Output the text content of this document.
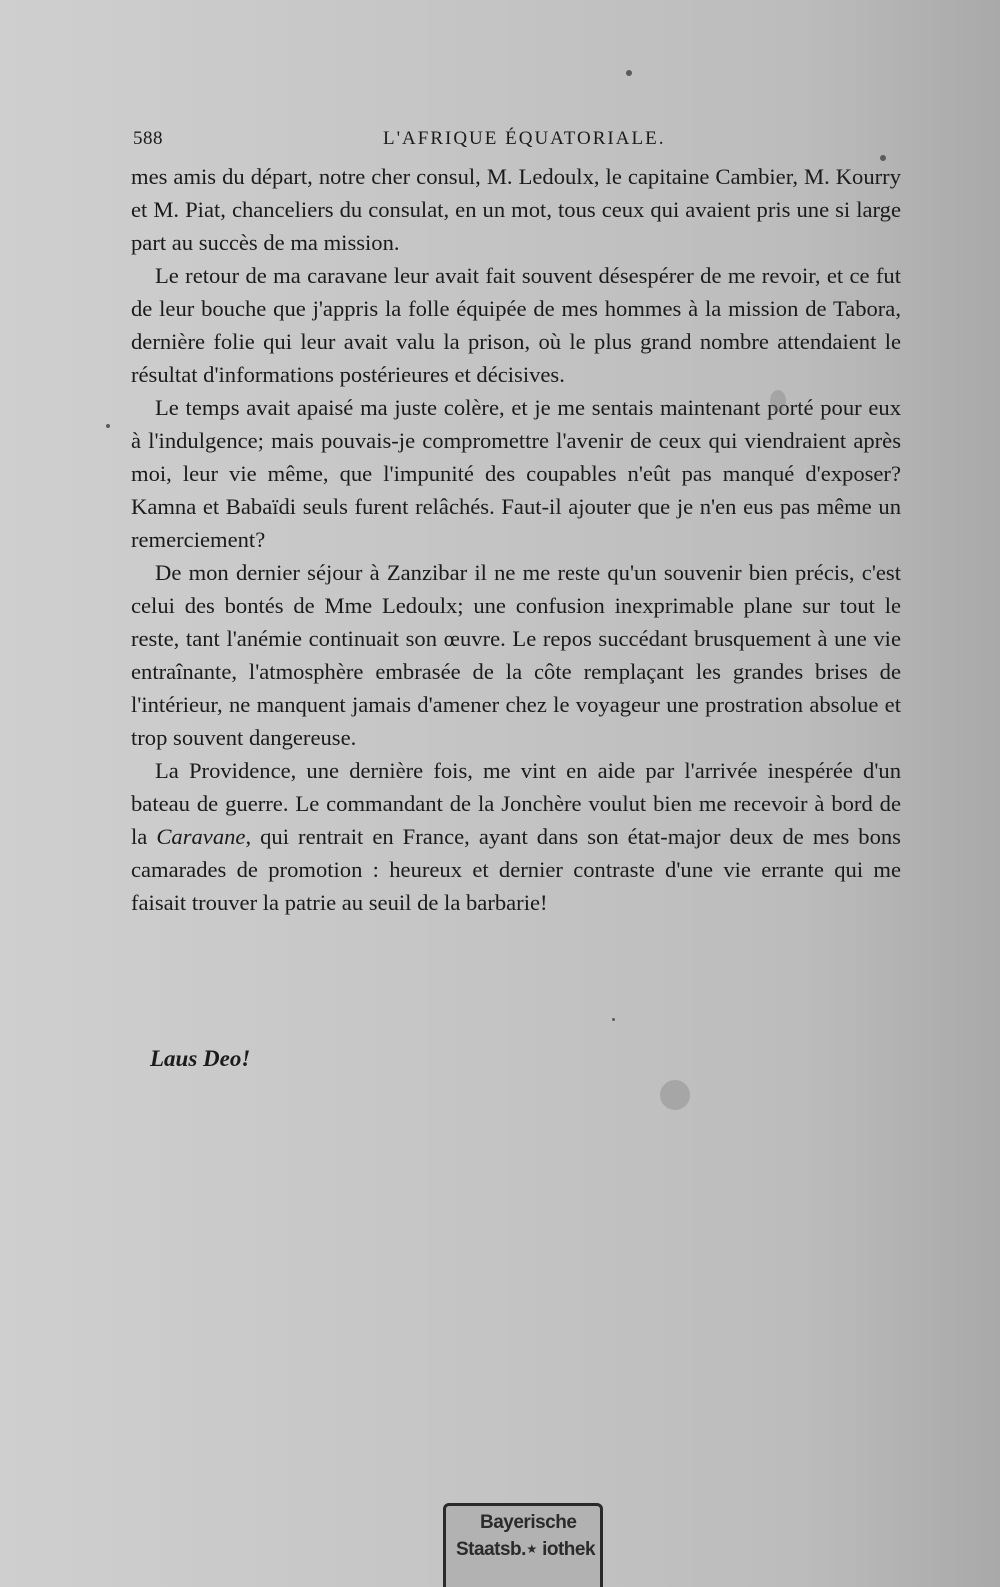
588	L'AFRIQUE ÉQUATORIALE.

mes amis du départ, notre cher consul, M. Ledoulx, le capitaine Cambier, M. Kourry et M. Piat, chanceliers du consulat, en un mot, tous ceux qui avaient pris une si large part au succès de ma mission.

Le retour de ma caravane leur avait fait souvent désespérer de me revoir, et ce fut de leur bouche que j'appris la folle équipée de mes hommes à la mission de Tabora, dernière folie qui leur avait valu la prison, où le plus grand nombre attendaient le résultat d'informations postérieures et décisives.

Le temps avait apaisé ma juste colère, et je me sentais maintenant porté pour eux à l'indulgence; mais pouvais-je compromettre l'avenir de ceux qui viendraient après moi, leur vie même, que l'impunité des coupables n'eût pas manqué d'exposer? Kamna et Babaïdi seuls furent relâchés. Faut-il ajouter que je n'en eus pas même un remerciement?

De mon dernier séjour à Zanzibar il ne me reste qu'un souvenir bien précis, c'est celui des bontés de Mme Ledoulx; une confusion inexprimable plane sur tout le reste, tant l'anémie continuait son œuvre. Le repos succédant brusquement à une vie entraînante, l'atmosphère embrasée de la côte remplaçant les grandes brises de l'intérieur, ne manquent jamais d'amener chez le voyageur une prostration absolue et trop souvent dangereuse.

La Providence, une dernière fois, me vint en aide par l'arrivée inespérée d'un bateau de guerre. Le commandant de la Jonchère voulut bien me recevoir à bord de la Caravane, qui rentrait en France, ayant dans son état-major deux de mes bons camarades de promotion : heureux et dernier contraste d'une vie errante qui me faisait trouver la patrie au seuil de la barbarie!

Laus Deo!
Bayerische
Staatsb.⋆ iothek
